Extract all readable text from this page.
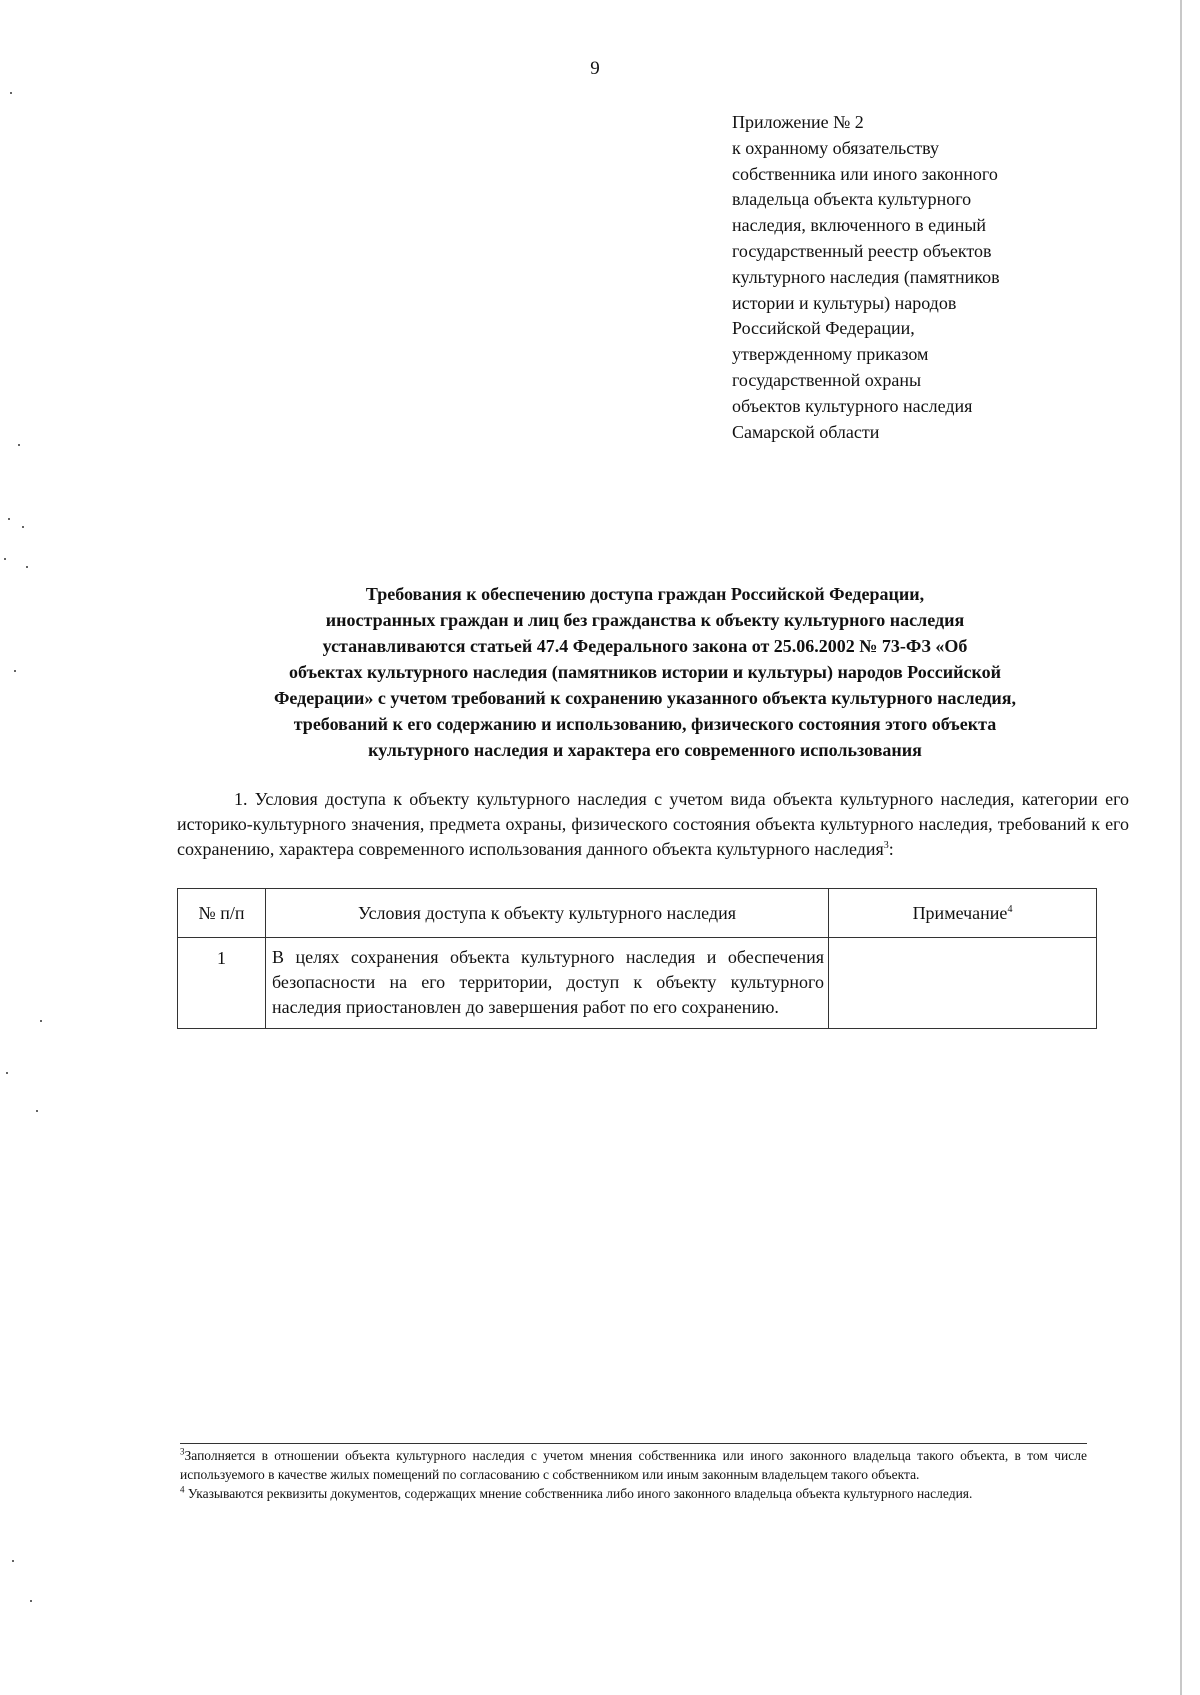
9
Приложение № 2
к охранному обязательству
собственника или иного законного
владельца объекта культурного
наследия, включенного в единый
государственный реестр объектов
культурного наследия (памятников
истории и культуры) народов
Российской Федерации,
утвержденному приказом
государственной охраны
объектов культурного наследия
Самарской области
Требования к обеспечению доступа граждан Российской Федерации,
иностранных граждан и лиц без гражданства к объекту культурного наследия
устанавливаются статьей 47.4 Федерального закона от 25.06.2002 № 73-ФЗ «Об
объектах культурного наследия (памятников истории и культуры) народов Российской
Федерации» с учетом требований к сохранению указанного объекта культурного наследия,
требований к его содержанию и использованию, физического состояния этого объекта
культурного наследия и характера его современного использования
1. Условия доступа к объекту культурного наследия с учетом вида объекта культурного наследия, категории его историко-культурного значения, предмета охраны, физического состояния объекта культурного наследия, требований к его сохранению, характера современного использования данного объекта культурного наследия$^3$:
№ п/п	Условия доступа к объекту культурного наследия	Примечание$^4$
1	В целях сохранения объекта культурного наследия и обеспечения безопасности на его территории, доступ к объекту культурного наследия приостановлен до завершения работ по его сохранению.	

$^3$Заполняется в отношении объекта культурного наследия с учетом мнения собственника или иного законного владельца такого объекта, в том числе используемого в качестве жилых помещений по согласованию с собственником или иным законным владельцем такого объекта.

$^4$ Указываются реквизиты документов, содержащих мнение собственника либо иного законного владельца объекта культурного наследия.
